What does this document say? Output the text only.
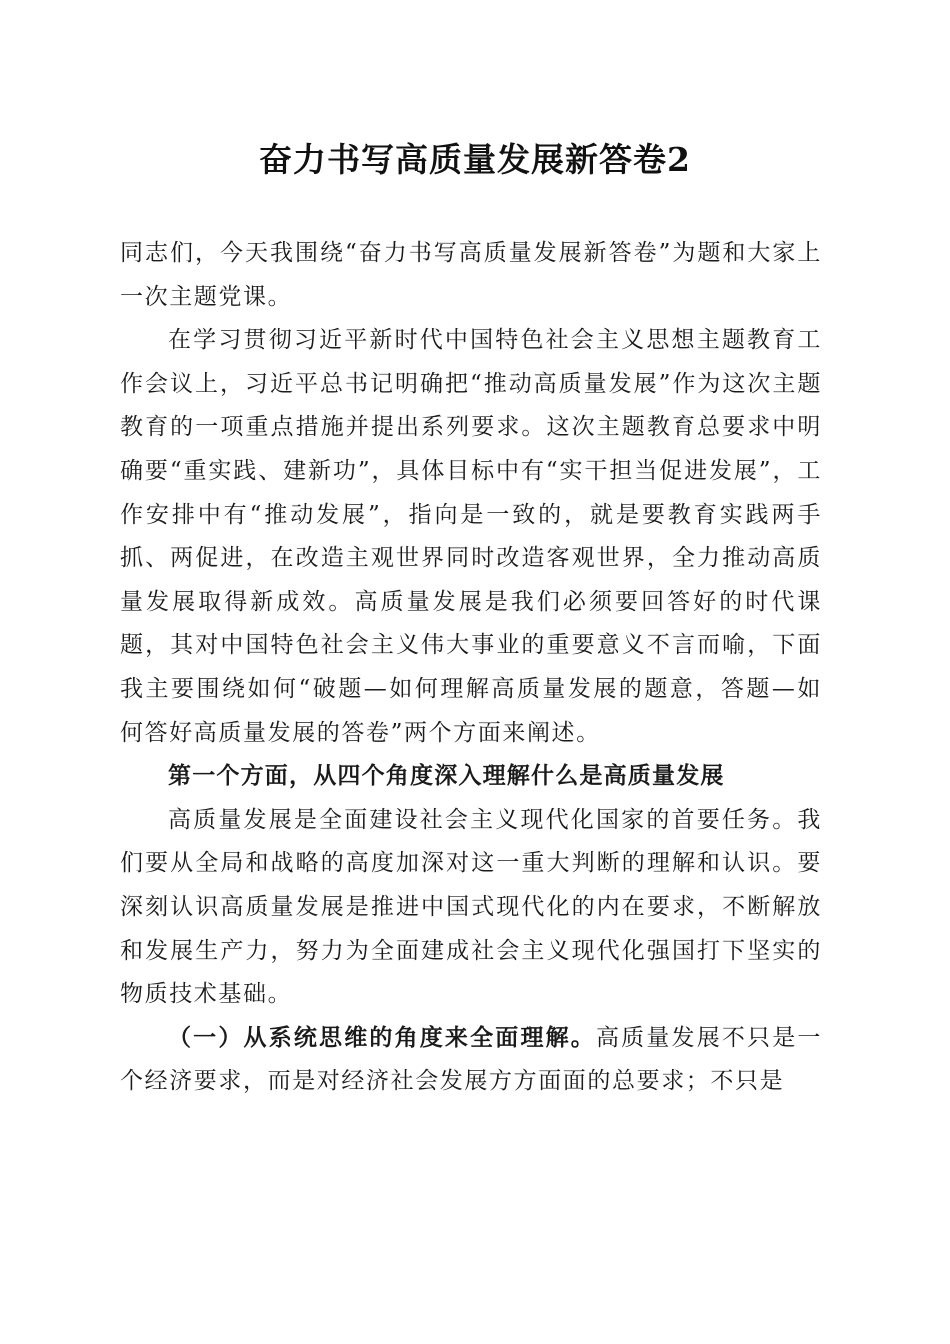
奋力书写高质量发展新答卷2

同志们，今天我围绕“奋力书写高质量发展新答卷”为题和大家上一次主题党课。

在学习贯彻习近平新时代中国特色社会主义思想主题教育工作会议上，习近平总书记明确把“推动高质量发展”作为这次主题教育的一项重点措施并提出系列要求。这次主题教育总要求中明确要“重实践、建新功”，具体目标中有“实干担当促进发展”，工作安排中有“推动发展”，指向是一致的，就是要教育实践两手抓、两促进，在改造主观世界同时改造客观世界，全力推动高质量发展取得新成效。高质量发展是我们必须要回答好的时代课题，其对中国特色社会主义伟大事业的重要意义不言而喻，下面我主要围绕如何“破题—如何理解高质量发展的题意，答题—如何答好高质量发展的答卷”两个方面来阐述。

第一个方面，从四个角度深入理解什么是高质量发展

高质量发展是全面建设社会主义现代化国家的首要任务。我们要从全局和战略的高度加深对这一重大判断的理解和认识。要深刻认识高质量发展是推进中国式现代化的内在要求，不断解放和发展生产力，努力为全面建成社会主义现代化强国打下坚实的物质技术基础。

（一）从系统思维的角度来全面理解。高质量发展不只是一个经济要求，而是对经济社会发展方方面面的总要求；不只是
